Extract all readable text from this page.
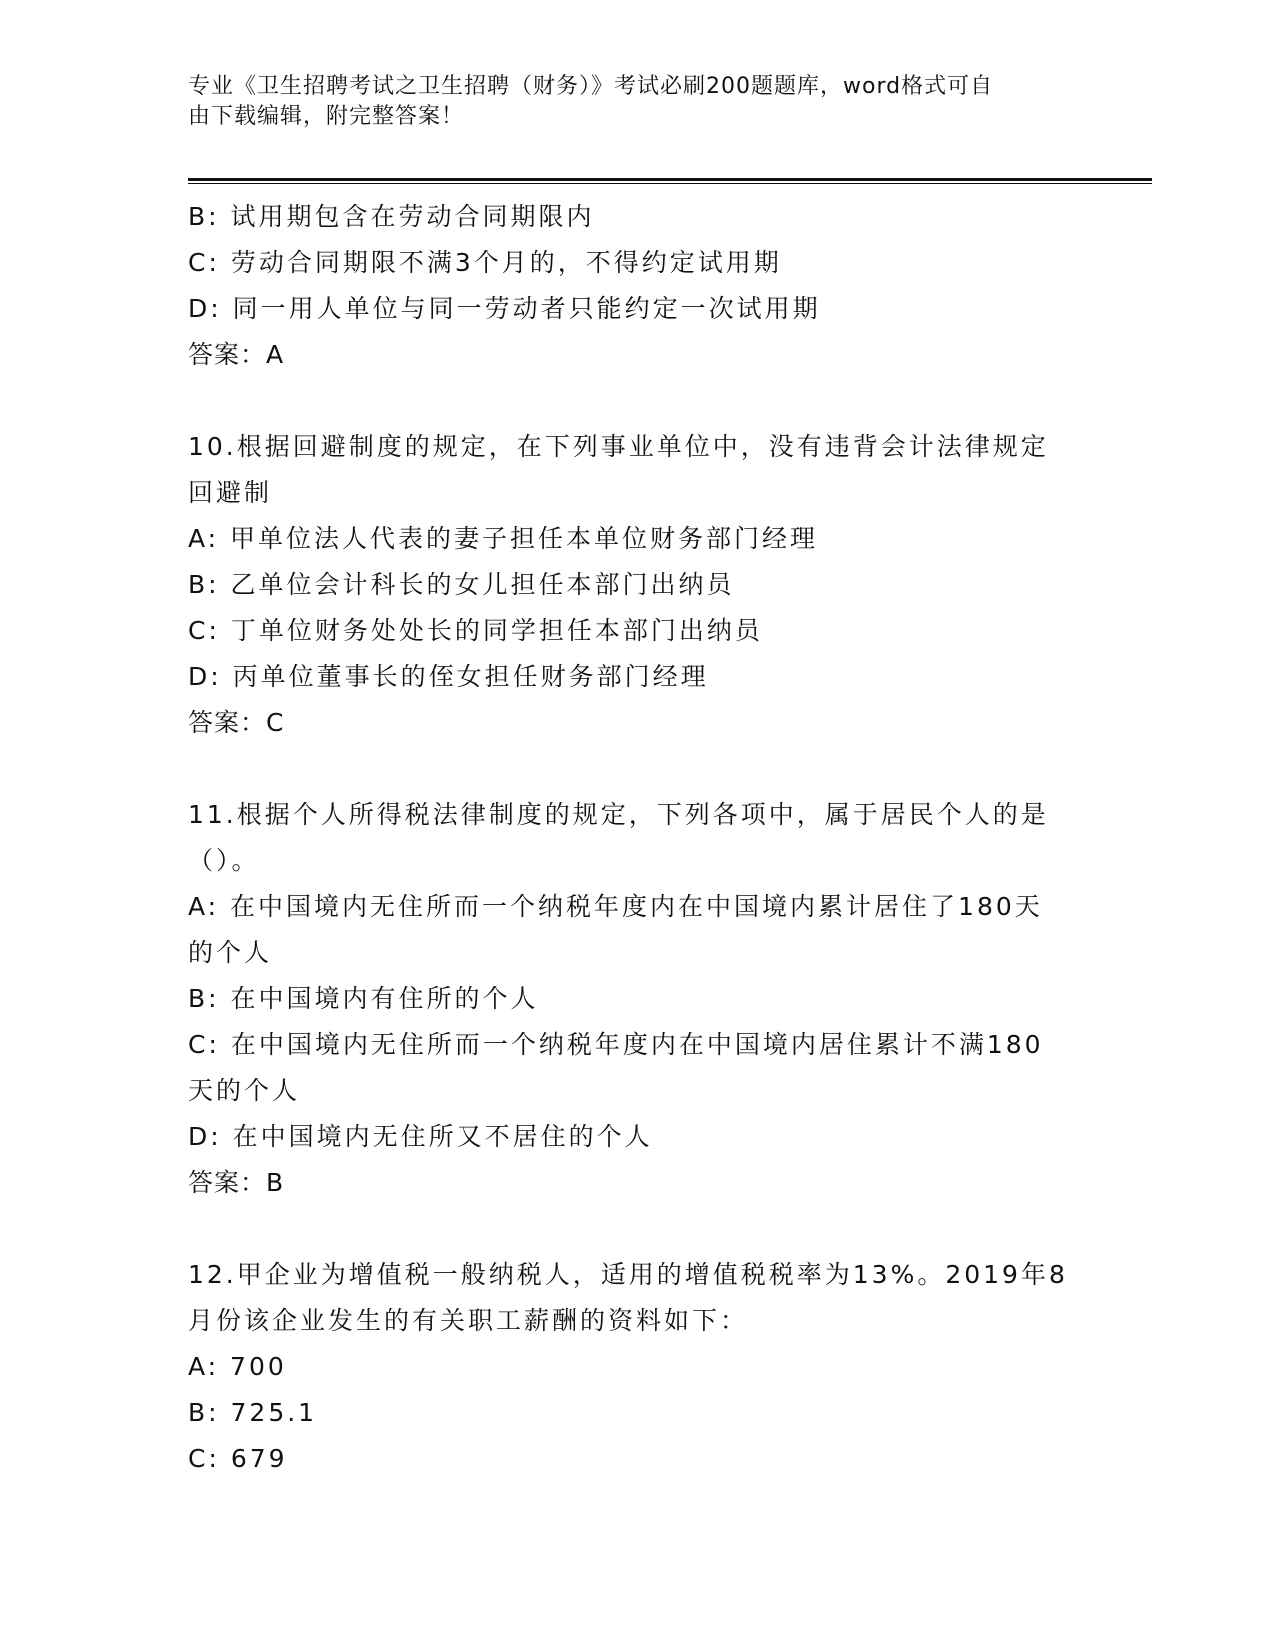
专业《卫生招聘考试之卫生招聘（财务）》考试必刷200题题库，word格式可自
由下载编辑，附完整答案！
B: 试用期包含在劳动合同期限内
C: 劳动合同期限不满3个月的，不得约定试用期
D: 同一用人单位与同一劳动者只能约定一次试用期
答案：A
10.根据回避制度的规定，在下列事业单位中，没有违背会计法律规定
回避制
A: 甲单位法人代表的妻子担任本单位财务部门经理
B: 乙单位会计科长的女儿担任本部门出纳员
C: 丁单位财务处处长的同学担任本部门出纳员
D: 丙单位董事长的侄女担任财务部门经理
答案：C
11.根据个人所得税法律制度的规定，下列各项中，属于居民个人的是
（）。
A: 在中国境内无住所而一个纳税年度内在中国境内累计居住了180天
的个人
B: 在中国境内有住所的个人
C: 在中国境内无住所而一个纳税年度内在中国境内居住累计不满180
天的个人
D: 在中国境内无住所又不居住的个人
答案：B
12.甲企业为增值税一般纳税人，适用的增值税税率为13%。2019年8
月份该企业发生的有关职工薪酬的资料如下：
A: 700
B: 725.1
C: 679
